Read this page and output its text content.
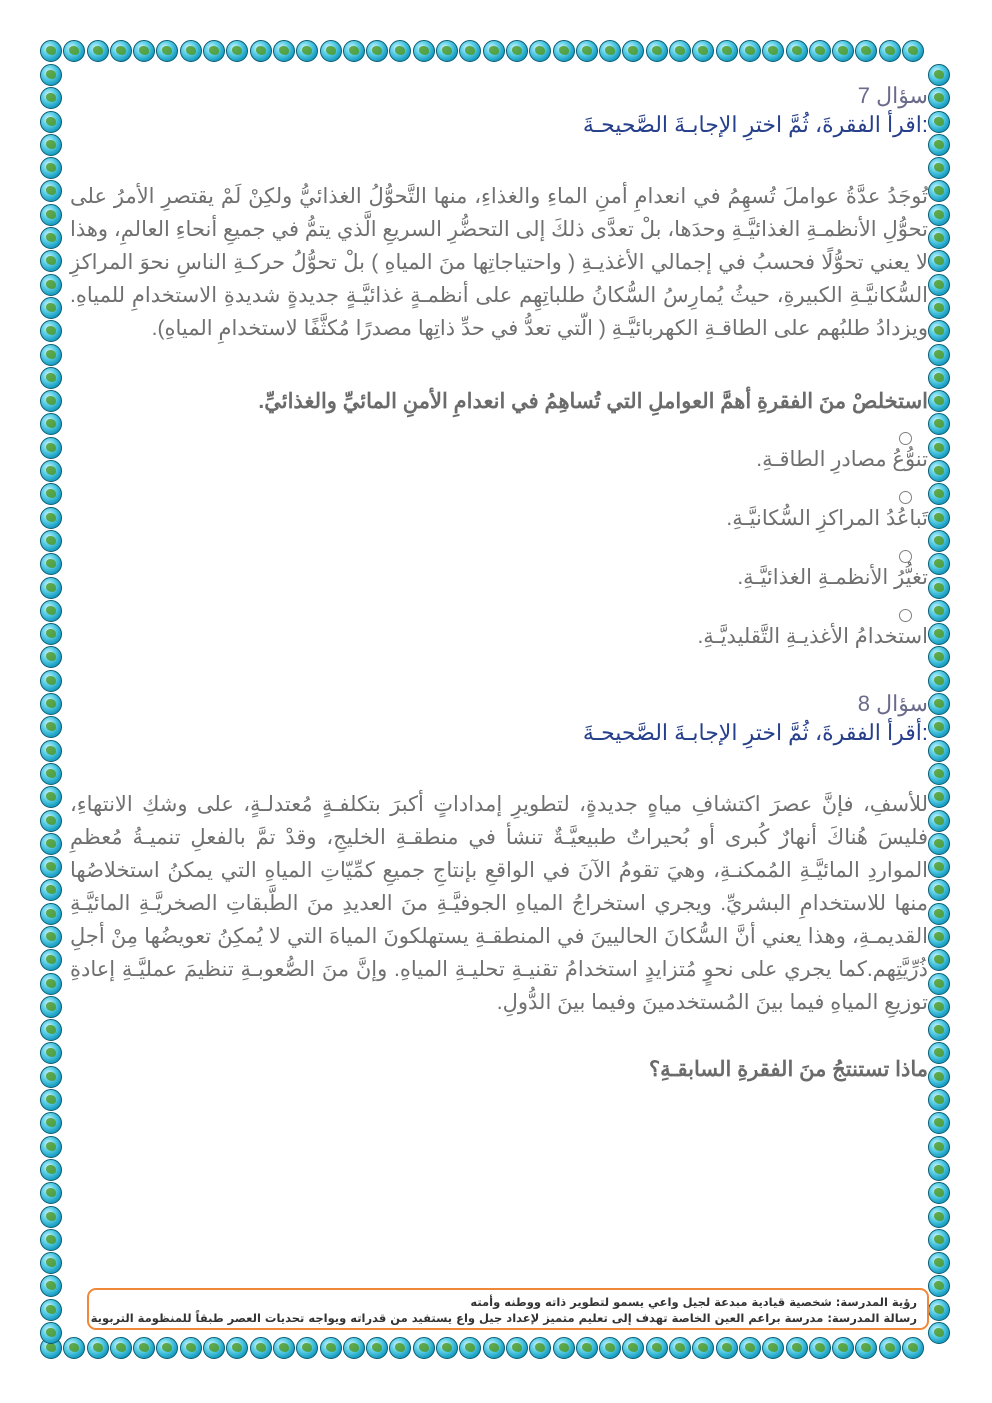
سؤال 7

:اقرأ الفقرةَ، ثُمَّ اخترِ الإجابـةَ الصَّحيحـةَ

تُوجَدُ عدَّةُ عواملَ تُسهِمُ في انعدامِ أمنِ الماءِ والغذاءِ، منها التَّحوُّلُ الغذائيُّ ولكِنْ لَمْ يقتصرِ الأمرُ على تحوُّلِ الأنظمـةِ الغذائيَّـةِ وحدَها، بلْ تعدَّى ذلكَ إلى التحضُّرِ السريعِ الَّذي يتمُّ في جميعِ أنحاءِ العالمِ، وهذا لا يعني تحوُّلًا فحسبُ في إجمالي الأغذيـةِ ( واحتياجاتِها منَ المياهِ ) بلْ تحوُّلُ حركـةِ الناسِ نحوَ المراكزِ السُّكانيَّـةِ الكبيرةِ، حيثُ يُمارِسُ السُّكانُ طلباتِهِم على أنظمـةٍ غذائيَّـةٍ جديدةٍ شديدةِ الاستخدامِ للمياهِ. ويزدادُ طلبُهم على الطاقـةِ الكهربائيَّـةِ ( الّتي تعدُّ في حدِّ ذاتِها مصدرًا مُكثَّفًا لاستخدامِ المياهِ).

استخلصْ منَ الفقرةِ أهمَّ العواملِ التي تُساهِمُ في انعدامِ الأمنِ المائيِّ والغذائيِّ.

تنوُّعُ مصادرِ الطاقـةِ.

تَباعُدُ المراكزِ السُّكانيَّـةِ.

تغيُّرُ الأنظمـةِ الغذائيَّـةِ.

استخدامُ الأغذيـةِ التَّقليديَّـةِ.

سؤال 8

:أقرأ الفقرةَ، ثُمَّ اخترِ الإجابـةَ الصَّحيحـةَ

للأسفِ، فإنَّ عصرَ اكتشافِ مياهٍ جديدةٍ، لتطويرِ إمداداتٍ أكبرَ بتكلفـةٍ مُعتدلـةٍ، على وشكِ الانتهاءِ، فليسَ هُناكَ أنهارٌ كُبرى أو بُحيراتٌ طبيعيَّـةٌ تنشأ في منطقـةِ الخليجِ، وقدْ تمَّ بالفعلِ تنميـةُ مُعظمِ المواردِ المائيَّـةِ المُمكنـةِ، وهيَ تقومُ الآنَ في الواقعِ بإنتاجِ جميعِ كمِّيّاتِ المياهِ التي يمكنُ استخلاصُها منها للاستخدامِ البشريِّ. ويجري استخراجُ المياهِ الجوفيَّـةِ منَ العديدِ منَ الطَّبقاتِ الصخريَّـةِ المائيَّـةِ القديمـةِ، وهذا يعني أنَّ السُّكانَ الحاليينَ في المنطقـةِ يستهلكونَ المياهَ التي لا يُمكِنُ تعويضُها مِنْ أجلِ ذُرِّيَّتِهم.كما يجري على نحوٍ مُتزايدٍ استخدامُ تقنيـةِ تحليـةِ المياهِ. وإنَّ منَ الصُّعوبـةِ تنظيمَ عمليَّـةِ إعادةِ توزيعِ المياهِ فيما بينَ المُستخدمينَ وفيما بينَ الدُّولِ.

ماذا تستنتجُ منَ الفقرةِ السابقـةِ؟

رؤية المدرسة: شخصية قيادية مبدعة لجيل واعي يسمو لتطوير ذاته ووطنه وأمته

رسالة المدرسة: مدرسة براعم العين الخاصة تهدف إلى تعليم متميز لإعداد جيل واع يستفيد من قدراته ويواجه تحديات العصر طبقاً للمنظومة التربوية
